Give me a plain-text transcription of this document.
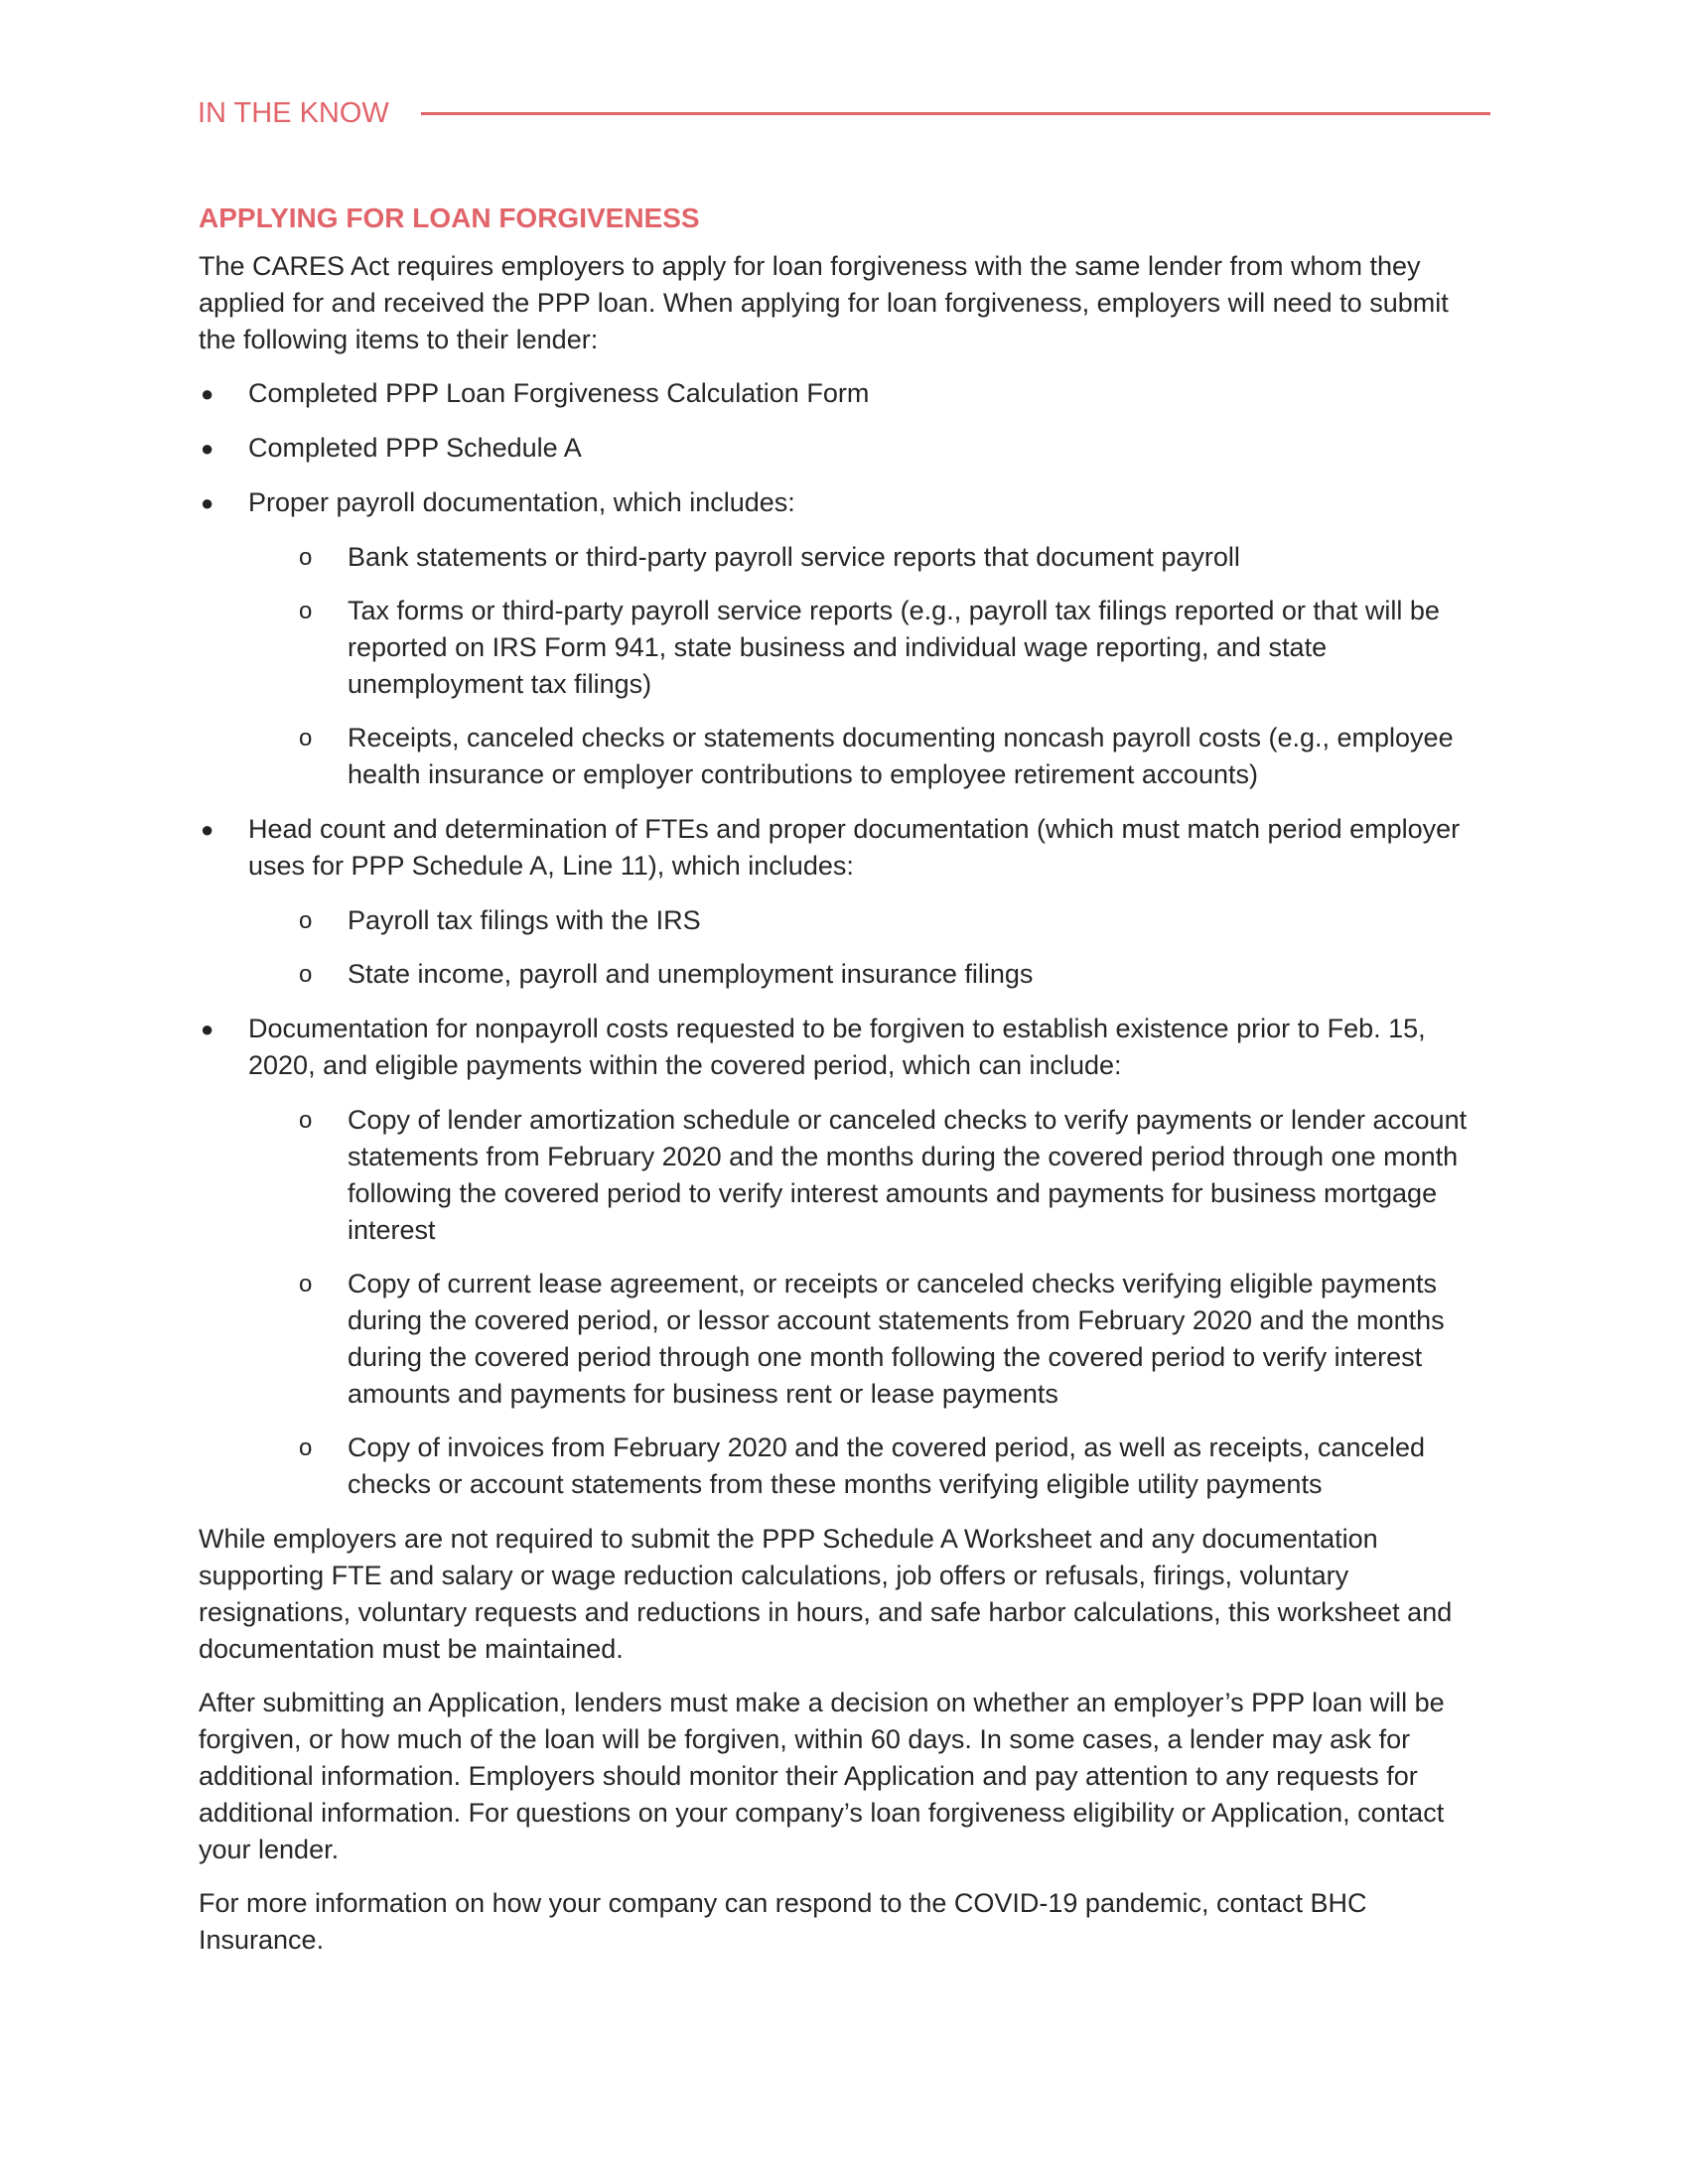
IN THE KNOW
APPLYING FOR LOAN FORGIVENESS

The CARES Act requires employers to apply for loan forgiveness with the same lender from whom they applied for and received the PPP loan. When applying for loan forgiveness, employers will need to submit the following items to their lender:

● Completed PPP Loan Forgiveness Calculation Form
● Completed PPP Schedule A
● Proper payroll documentation, which includes:
o Bank statements or third-party payroll service reports that document payroll
o Tax forms or third-party payroll service reports (e.g., payroll tax filings reported or that will be reported on IRS Form 941, state business and individual wage reporting, and state unemployment tax filings)
o Receipts, canceled checks or statements documenting noncash payroll costs (e.g., employee health insurance or employer contributions to employee retirement accounts)
● Head count and determination of FTEs and proper documentation (which must match period employer uses for PPP Schedule A, Line 11), which includes:
o Payroll tax filings with the IRS
o State income, payroll and unemployment insurance filings
● Documentation for nonpayroll costs requested to be forgiven to establish existence prior to Feb. 15, 2020, and eligible payments within the covered period, which can include:
o Copy of lender amortization schedule or canceled checks to verify payments or lender account statements from February 2020 and the months during the covered period through one month following the covered period to verify interest amounts and payments for business mortgage interest
o Copy of current lease agreement, or receipts or canceled checks verifying eligible payments during the covered period, or lessor account statements from February 2020 and the months during the covered period through one month following the covered period to verify interest amounts and payments for business rent or lease payments
o Copy of invoices from February 2020 and the covered period, as well as receipts, canceled checks or account statements from these months verifying eligible utility payments

While employers are not required to submit the PPP Schedule A Worksheet and any documentation supporting FTE and salary or wage reduction calculations, job offers or refusals, firings, voluntary resignations, voluntary requests and reductions in hours, and safe harbor calculations, this worksheet and documentation must be maintained.

After submitting an Application, lenders must make a decision on whether an employer’s PPP loan will be forgiven, or how much of the loan will be forgiven, within 60 days. In some cases, a lender may ask for additional information. Employers should monitor their Application and pay attention to any requests for additional information. For questions on your company’s loan forgiveness eligibility or Application, contact your lender.

For more information on how your company can respond to the COVID-19 pandemic, contact BHC Insurance.
